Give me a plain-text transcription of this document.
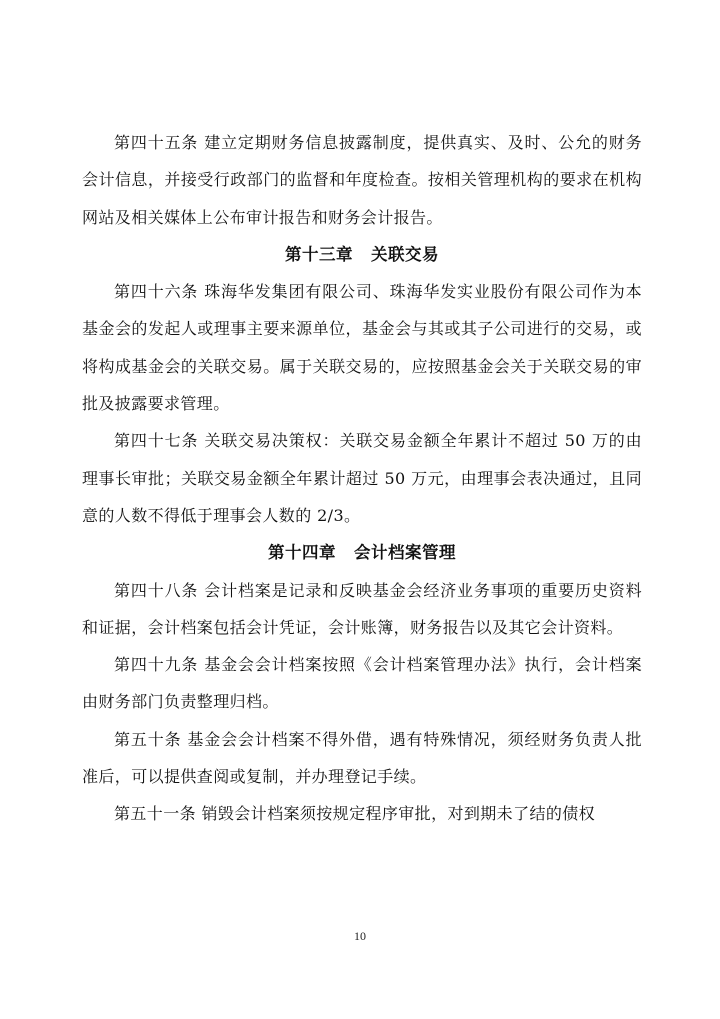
第四十五条 建立定期财务信息披露制度，提供真实、及时、公允的财务会计信息，并接受行政部门的监督和年度检查。按相关管理机构的要求在机构网站及相关媒体上公布审计报告和财务会计报告。

第十三章 关联交易

第四十六条 珠海华发集团有限公司、珠海华发实业股份有限公司作为本基金会的发起人或理事主要来源单位，基金会与其或其子公司进行的交易，或将构成基金会的关联交易。属于关联交易的，应按照基金会关于关联交易的审批及披露要求管理。

第四十七条 关联交易决策权：关联交易金额全年累计不超过 50 万的由理事长审批；关联交易金额全年累计超过 50 万元，由理事会表决通过，且同意的人数不得低于理事会人数的 2/3。

第十四章 会计档案管理

第四十八条 会计档案是记录和反映基金会经济业务事项的重要历史资料和证据，会计档案包括会计凭证，会计账簿，财务报告以及其它会计资料。

第四十九条 基金会会计档案按照《会计档案管理办法》执行，会计档案由财务部门负责整理归档。

第五十条 基金会会计档案不得外借，遇有特殊情况，须经财务负责人批准后，可以提供查阅或复制，并办理登记手续。

第五十一条 销毁会计档案须按规定程序审批，对到期未了结的债权

10
